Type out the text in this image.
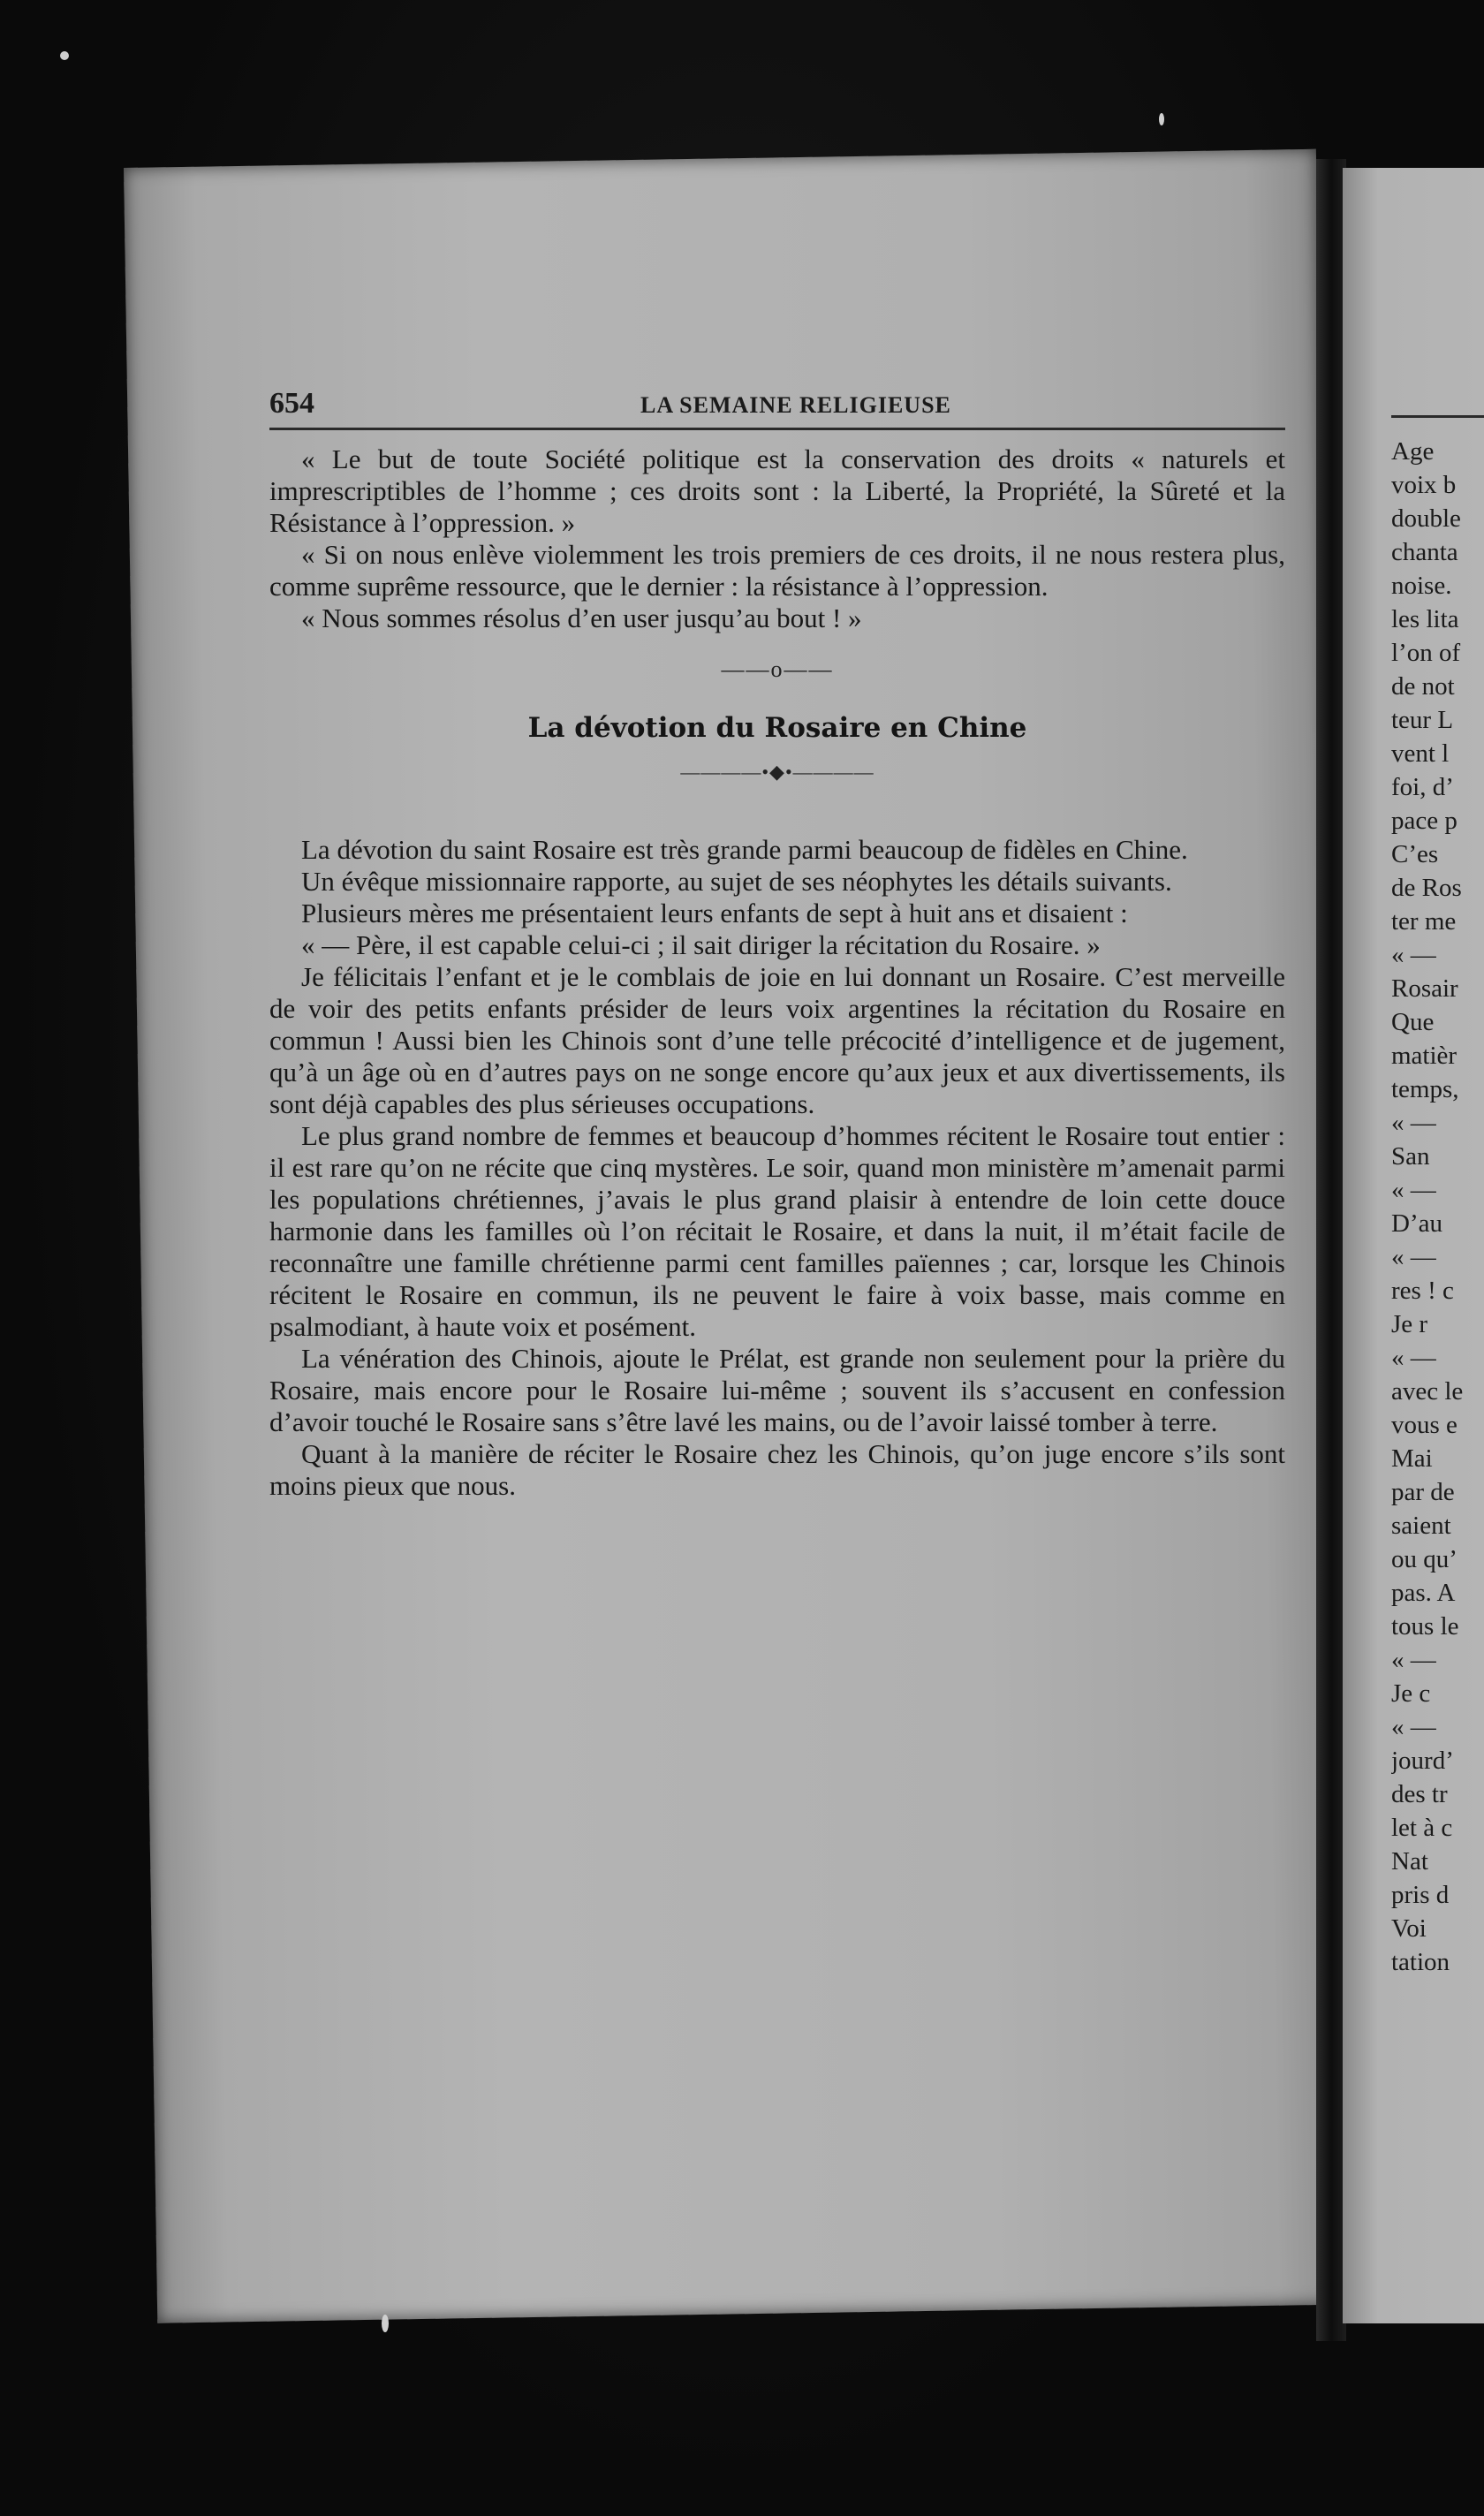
654	LA SEMAINE RELIGIEUSE

« Le but de toute Société politique est la conservation des droits « naturels et imprescriptibles de l’homme ; ces droits sont : la Liberté, la Propriété, la Sûreté et la Résistance à l’oppression. »

« Si on nous enlève violemment les trois premiers de ces droits, il ne nous restera plus, comme suprême ressource, que le dernier : la résistance à l’oppression.

« Nous sommes résolus d’en user jusqu’au bout ! »

——o——
La dévotion du Rosaire en Chine
————•◆•————

La dévotion du saint Rosaire est très grande parmi beaucoup de fidèles en Chine.

Un évêque missionnaire rapporte, au sujet de ses néophytes les détails suivants.

Plusieurs mères me présentaient leurs enfants de sept à huit ans et disaient :

« — Père, il est capable celui-ci ; il sait diriger la récitation du Rosaire. »

Je félicitais l’enfant et je le comblais de joie en lui donnant un Rosaire. C’est merveille de voir des petits enfants présider de leurs voix argentines la récitation du Rosaire en commun ! Aussi bien les Chinois sont d’une telle précocité d’intelligence et de jugement, qu’à un âge où en d’autres pays on ne songe encore qu’aux jeux et aux divertissements, ils sont déjà capables des plus sérieuses occupations.

Le plus grand nombre de femmes et beaucoup d’hommes récitent le Rosaire tout entier : il est rare qu’on ne récite que cinq mystères. Le soir, quand mon ministère m’amenait parmi les populations chrétiennes, j’avais le plus grand plaisir à entendre de loin cette douce harmonie dans les familles où l’on récitait le Rosaire, et dans la nuit, il m’était facile de reconnaître une famille chrétienne parmi cent familles païennes ; car, lorsque les Chinois récitent le Rosaire en commun, ils ne peuvent le faire à voix basse, mais comme en psalmodiant, à haute voix et posément.

La vénération des Chinois, ajoute le Prélat, est grande non seulement pour la prière du Rosaire, mais encore pour le Rosaire lui-même ; souvent ils s’accusent en confession d’avoir touché le Rosaire sans s’être lavé les mains, ou de l’avoir laissé tomber à terre.

Quant à la manière de réciter le Rosaire chez les Chinois, qu’on juge encore s’ils sont moins pieux que nous.

Age
voix b
double
chanta
noise.
les lita
l’on of
de not
teur L
vent l
foi, d’
pace p
C’es
de Ros
ter me
« —
Rosair
Que
matièr
temps,
« —
San
« —
D’au
« —
res ! c
Je r
« —
avec le
vous e
Mai
par de
saient
ou qu’
pas. A
tous le
« —
Je c
« —
jourd’
des tr
let à c
Nat
pris d
Voi
tation
